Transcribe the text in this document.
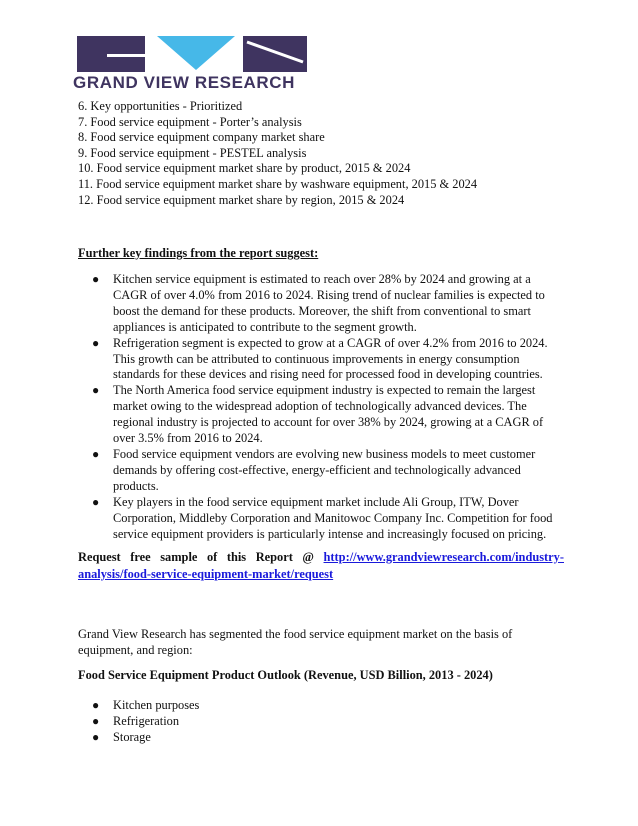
GRAND VIEW RESEARCH
6. Key opportunities - Prioritized
7. Food service equipment - Porter’s analysis
8. Food service equipment company market share
9. Food service equipment - PESTEL analysis
10. Food service equipment market share by product, 2015 & 2024
11. Food service equipment market share by washware equipment, 2015 & 2024
12. Food service equipment market share by region, 2015 & 2024
Further key findings from the report suggest:
● Kitchen service equipment is estimated to reach over 28% by 2024 and growing at a
CAGR of over 4.0% from 2016 to 2024. Rising trend of nuclear families is expected to
boost the demand for these products. Moreover, the shift from conventional to smart
appliances is anticipated to contribute to the segment growth.
● Refrigeration segment is expected to grow at a CAGR of over 4.2% from 2016 to 2024.
This growth can be attributed to continuous improvements in energy consumption
standards for these devices and rising need for processed food in developing countries.
● The North America food service equipment industry is expected to remain the largest
market owing to the widespread adoption of technologically advanced devices. The
regional industry is projected to account for over 38% by 2024, growing at a CAGR of
over 3.5% from 2016 to 2024.
● Food service equipment vendors are evolving new business models to meet customer
demands by offering cost-effective, energy-efficient and technologically advanced
products.
● Key players in the food service equipment market include Ali Group, ITW, Dover
Corporation, Middleby Corporation and Manitowoc Company Inc. Competition for food
service equipment providers is particularly intense and increasingly focused on pricing.
Request free sample of this Report @ http://www.grandviewresearch.com/industry- analysis/food-service-equipment-market/request
Grand View Research has segmented the food service equipment market on the basis of
equipment, and region:
Food Service Equipment Product Outlook (Revenue, USD Billion, 2013 - 2024)
● Kitchen purposes
● Refrigeration
● Storage
